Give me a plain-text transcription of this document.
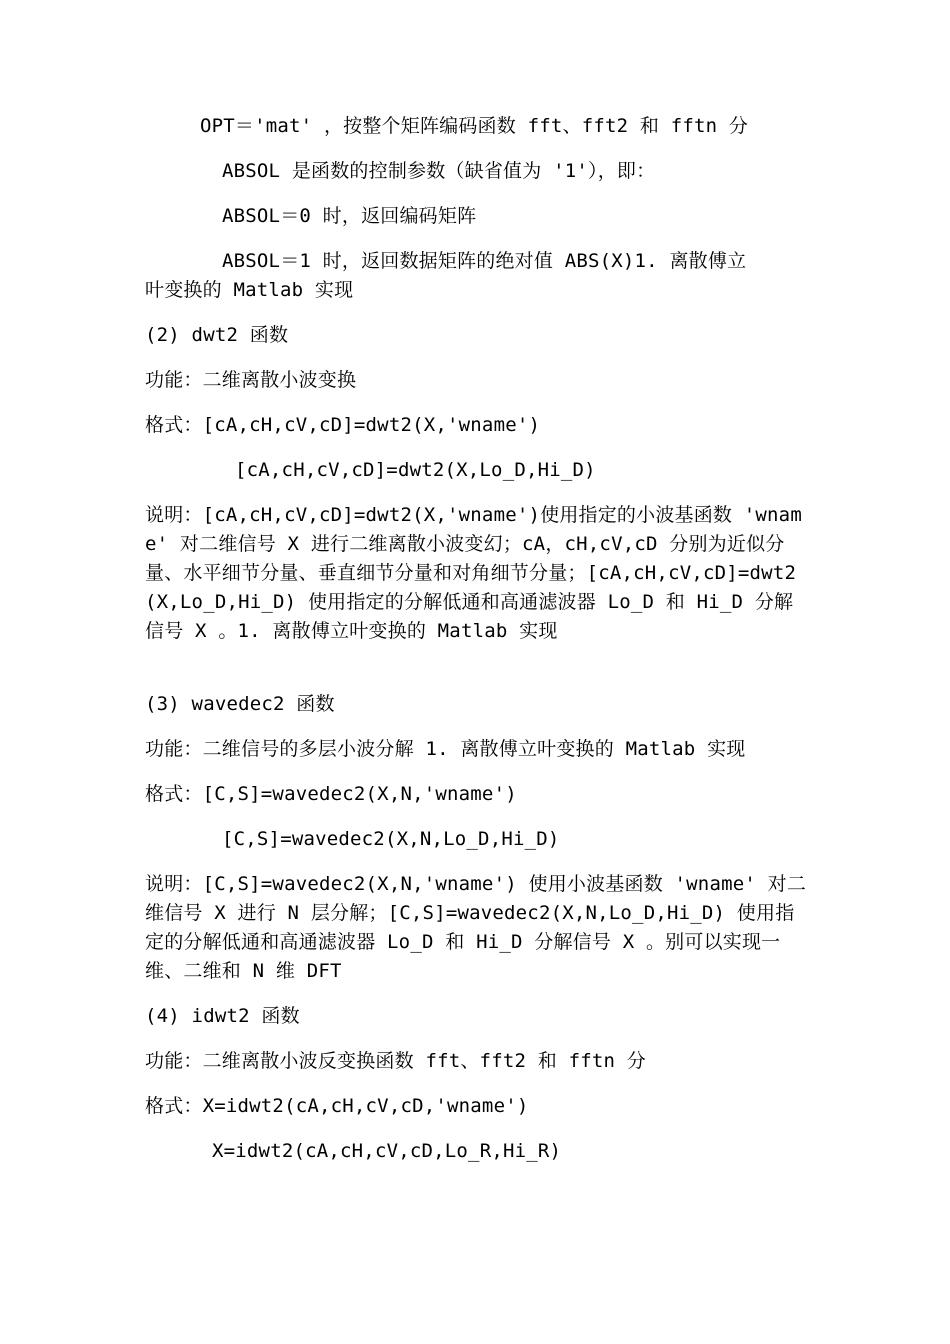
OPT＝'mat' ，按整个矩阵编码函数 fft、fft2 和 fftn 分
ABSOL 是函数的控制参数（缺省值为 '1'），即：
ABSOL＝0 时，返回编码矩阵
ABSOL＝1 时，返回数据矩阵的绝对值 ABS(X)1. 离散傅立
叶变换的 Matlab 实现
(2) dwt2 函数
功能：二维离散小波变换
格式：[cA,cH,cV,cD]=dwt2(X,'wname')
[cA,cH,cV,cD]=dwt2(X,Lo_D,Hi_D)
说明：[cA,cH,cV,cD]=dwt2(X,'wname')使用指定的小波基函数 'wname' 对二维信号 X 进行二维离散小波变幻；cA，cH,cV,cD 分别为近似分量、水平细节分量、垂直细节分量和对角细节分量；[cA,cH,cV,cD]=dwt2(X,Lo_D,Hi_D) 使用指定的分解低通和高通滤波器 Lo_D 和 Hi_D 分解信号 X 。1. 离散傅立叶变换的 Matlab 实现
(3) wavedec2 函数
功能：二维信号的多层小波分解 1. 离散傅立叶变换的 Matlab 实现
格式：[C,S]=wavedec2(X,N,'wname')
[C,S]=wavedec2(X,N,Lo_D,Hi_D)
说明：[C,S]=wavedec2(X,N,'wname') 使用小波基函数 'wname' 对二维信号 X 进行 N 层分解；[C,S]=wavedec2(X,N,Lo_D,Hi_D) 使用指定的分解低通和高通滤波器 Lo_D 和 Hi_D 分解信号 X 。别可以实现一维、二维和 N 维 DFT
(4) idwt2 函数
功能：二维离散小波反变换函数 fft、fft2 和 fftn 分
格式：X=idwt2(cA,cH,cV,cD,'wname')
X=idwt2(cA,cH,cV,cD,Lo_R,Hi_R)
